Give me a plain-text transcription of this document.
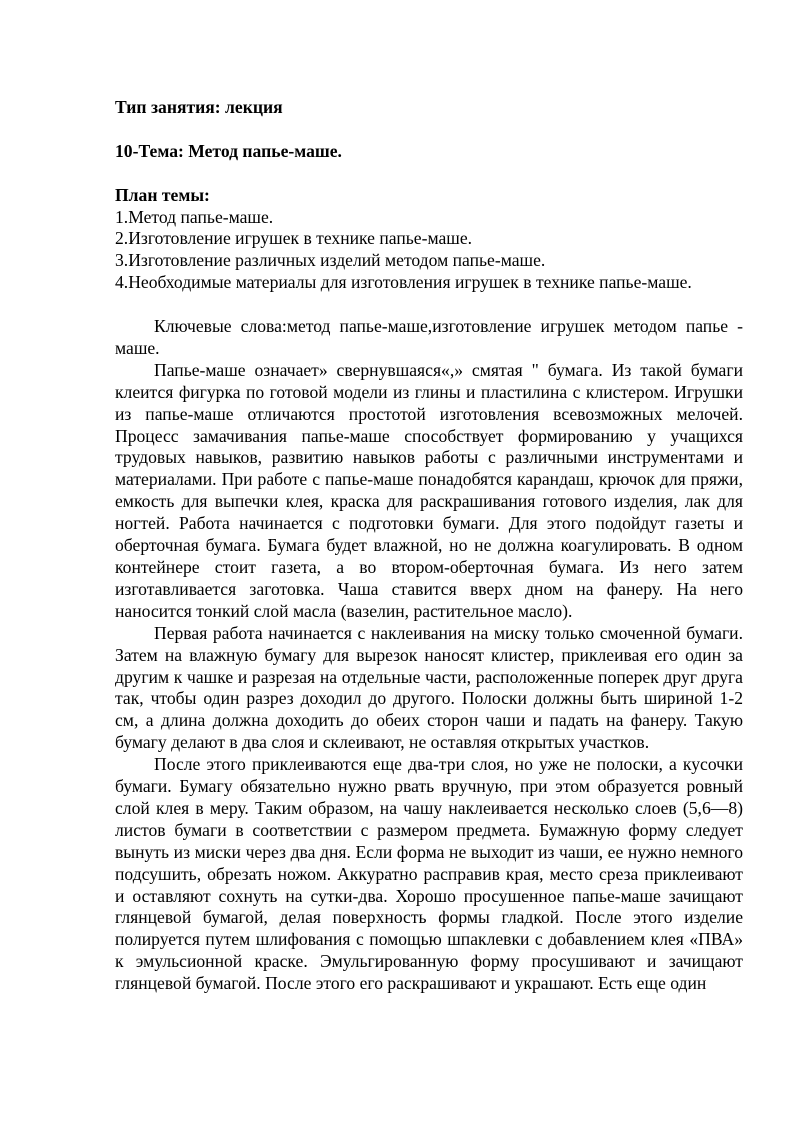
Тип занятия: лекция

10-Тема: Метод папье-маше.

План темы:

1.Метод папье-маше.
2.Изготовление игрушек в технике папье-маше.
3.Изготовление различных изделий методом папье-маше.
4.Необходимые материалы для изготовления игрушек в технике папье-маше.

Ключевые слова:метод папье-маше,изготовление игрушек методом папье - маше.

Папье-маше означает» свернувшаяся«,» смятая " бумага. Из такой бумаги клеится фигурка по готовой модели из глины и пластилина с клистером. Игрушки из папье-маше отличаются простотой изготовления всевозможных мелочей. Процесс замачивания папье-маше способствует формированию у учащихся трудовых навыков, развитию навыков работы с различными инструментами и материалами. При работе с папье-маше понадобятся карандаш, крючок для пряжи, емкость для выпечки клея, краска для раскрашивания готового изделия, лак для ногтей. Работа начинается с подготовки бумаги. Для этого подойдут газеты и оберточная бумага. Бумага будет влажной, но не должна коагулировать. В одном контейнере стоит газета, а во втором-оберточная бумага. Из него затем изготавливается заготовка. Чаша ставится вверх дном на фанеру. На него наносится тонкий слой масла (вазелин, растительное масло).

Первая работа начинается с наклеивания на миску только смоченной бумаги. Затем на влажную бумагу для вырезок наносят клистер, приклеивая его один за другим к чашке и разрезая на отдельные части, расположенные поперек друг друга так, чтобы один разрез доходил до другого. Полоски должны быть шириной 1-2 см, а длина должна доходить до обеих сторон чаши и падать на фанеру. Такую бумагу делают в два слоя и склеивают, не оставляя открытых участков.

После этого приклеиваются еще два-три слоя, но уже не полоски, а кусочки бумаги. Бумагу обязательно нужно рвать вручную, при этом образуется ровный слой клея в меру. Таким образом, на чашу наклеивается несколько слоев (5,6—8) листов бумаги в соответствии с размером предмета. Бумажную форму следует вынуть из миски через два дня. Если форма не выходит из чаши, ее нужно немного подсушить, обрезать ножом. Аккуратно расправив края, место среза приклеивают и оставляют сохнуть на сутки-два. Хорошо просушенное папье-маше зачищают глянцевой бумагой, делая поверхность формы гладкой. После этого изделие полируется путем шлифования с помощью шпаклевки с добавлением клея «ПВА» к эмульсионной краске. Эмульгированную форму просушивают и зачищают глянцевой бумагой. После этого его раскрашивают и украшают. Есть еще один
